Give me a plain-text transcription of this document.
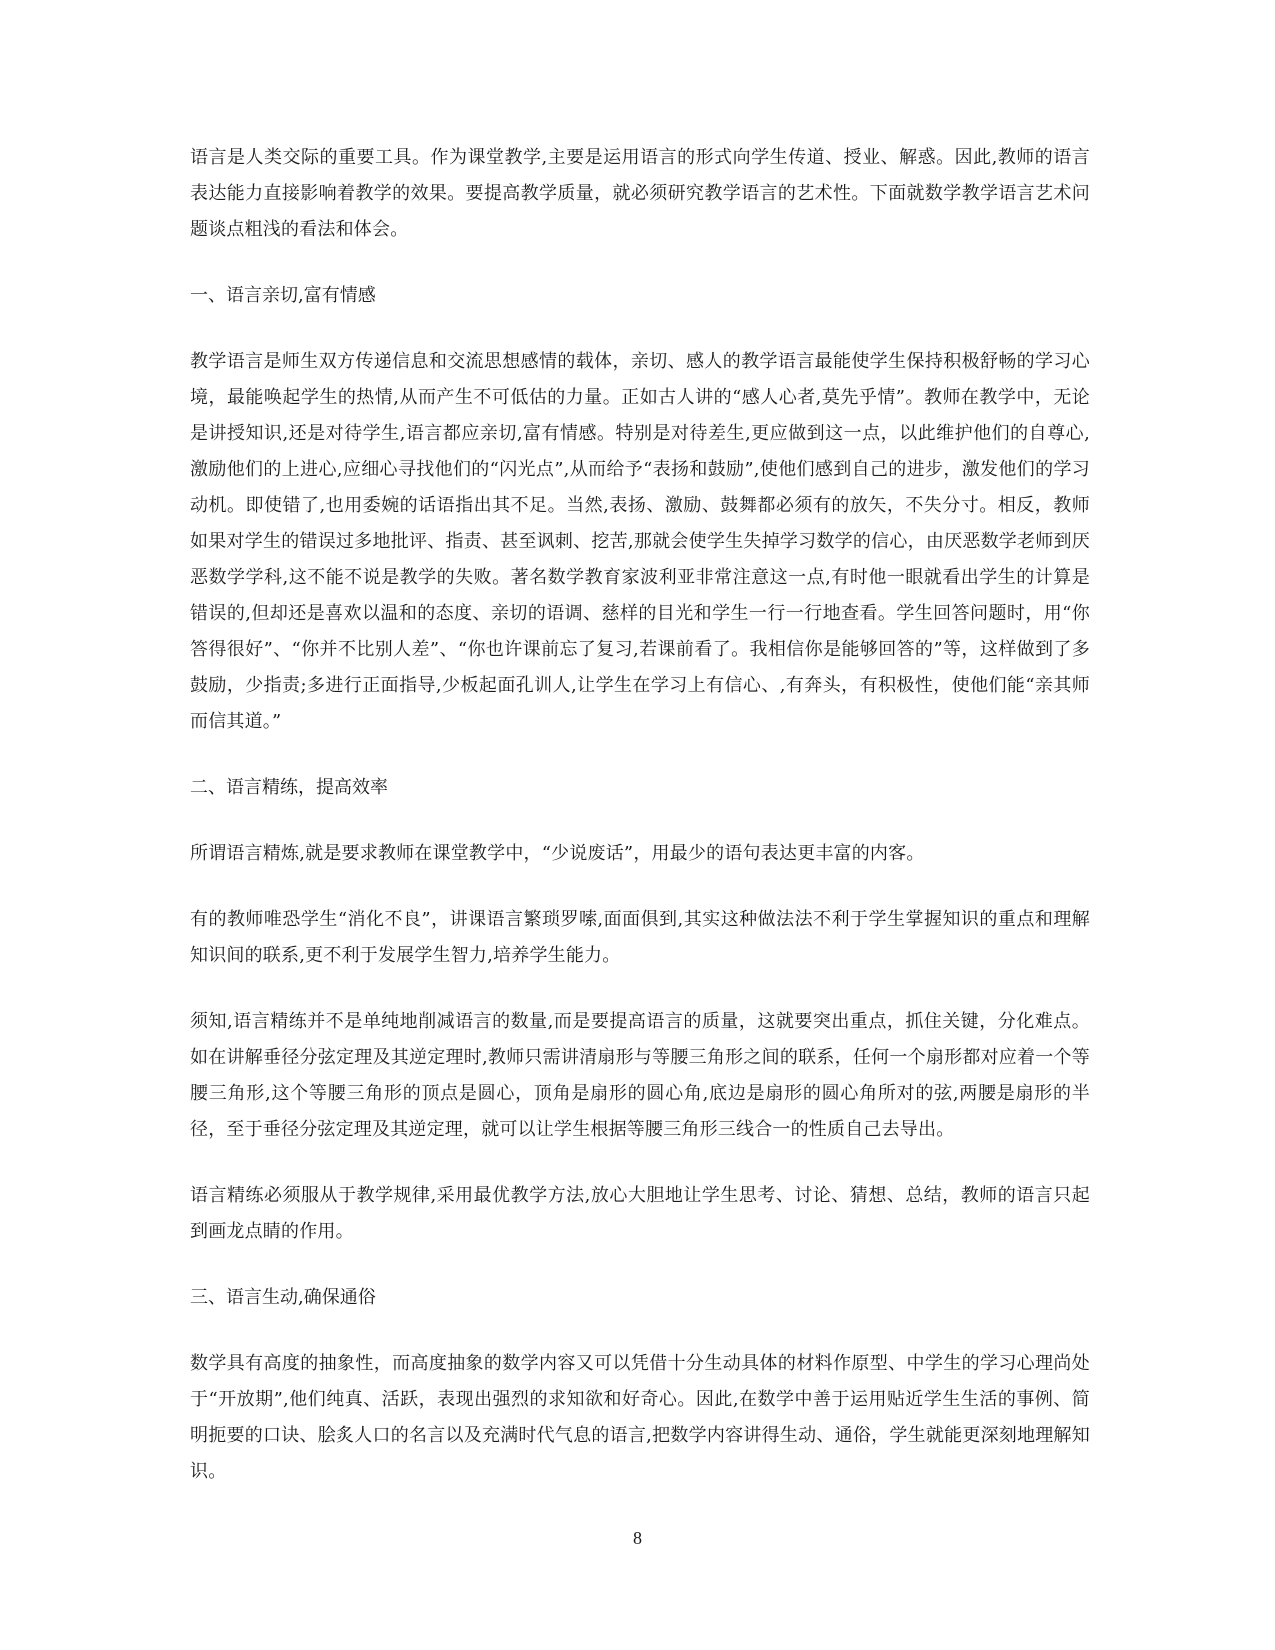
语言是人类交际的重要工具。作为课堂教学,主要是运用语言的形式向学生传道、授业、解惑。因此,教师的语言表达能力直接影响着教学的效果。要提高教学质量，就必须研究教学语言的艺术性。下面就数学教学语言艺术问题谈点粗浅的看法和体会。

一、语言亲切,富有情感

教学语言是师生双方传递信息和交流思想感情的载体，亲切、感人的教学语言最能使学生保持积极舒畅的学习心境，最能唤起学生的热情,从而产生不可低估的力量。正如古人讲的“感人心者,莫先乎情”。教师在教学中，无论是讲授知识,还是对待学生,语言都应亲切,富有情感。特别是对待差生,更应做到这一点，以此维护他们的自尊心,激励他们的上进心,应细心寻找他们的“闪光点”,从而给予“表扬和鼓励”,使他们感到自己的进步，激发他们的学习动机。即使错了,也用委婉的话语指出其不足。当然,表扬、激励、鼓舞都必须有的放矢，不失分寸。相反，教师如果对学生的错误过多地批评、指责、甚至讽刺、挖苦,那就会使学生失掉学习数学的信心，由厌恶数学老师到厌恶数学学科,这不能不说是教学的失败。著名数学教育家波利亚非常注意这一点,有时他一眼就看出学生的计算是错误的,但却还是喜欢以温和的态度、亲切的语调、慈样的目光和学生一行一行地查看。学生回答问题时，用“你答得很好”、“你并不比别人差”、“你也许课前忘了复习,若课前看了。我相信你是能够回答的”等，这样做到了多鼓励，少指责;多进行正面指导,少板起面孔训人,让学生在学习上有信心、,有奔头，有积极性，使他们能“亲其师而信其道。”

二、语言精练，提高效率

所谓语言精炼,就是要求教师在课堂教学中，“少说废话”，用最少的语句表达更丰富的内客。

有的教师唯恐学生“消化不良”，讲课语言繁琐罗嗦,面面俱到,其实这种做法法不利于学生掌握知识的重点和理解知识间的联系,更不利于发展学生智力,培养学生能力。

须知,语言精练并不是单纯地削减语言的数量,而是要提高语言的质量，这就要突出重点，抓住关键，分化难点。如在讲解垂径分弦定理及其逆定理时,教师只需讲清扇形与等腰三角形之间的联系，任何一个扇形都对应着一个等腰三角形,这个等腰三角形的顶点是圆心，顶角是扇形的圆心角,底边是扇形的圆心角所对的弦,两腰是扇形的半径，至于垂径分弦定理及其逆定理，就可以让学生根据等腰三角形三线合一的性质自己去导出。

语言精练必须服从于教学规律,采用最优教学方法,放心大胆地让学生思考、讨论、猜想、总结，教师的语言只起到画龙点睛的作用。

三、语言生动,确保通俗

数学具有高度的抽象性，而高度抽象的数学内容又可以凭借十分生动具体的材料作原型、中学生的学习心理尚处于“开放期”,他们纯真、活跃，表现出强烈的求知欲和好奇心。因此,在数学中善于运用贴近学生生活的事例、简明扼要的口诀、脍炙人口的名言以及充满时代气息的语言,把数学内容讲得生动、通俗，学生就能更深刻地理解知识。

8
